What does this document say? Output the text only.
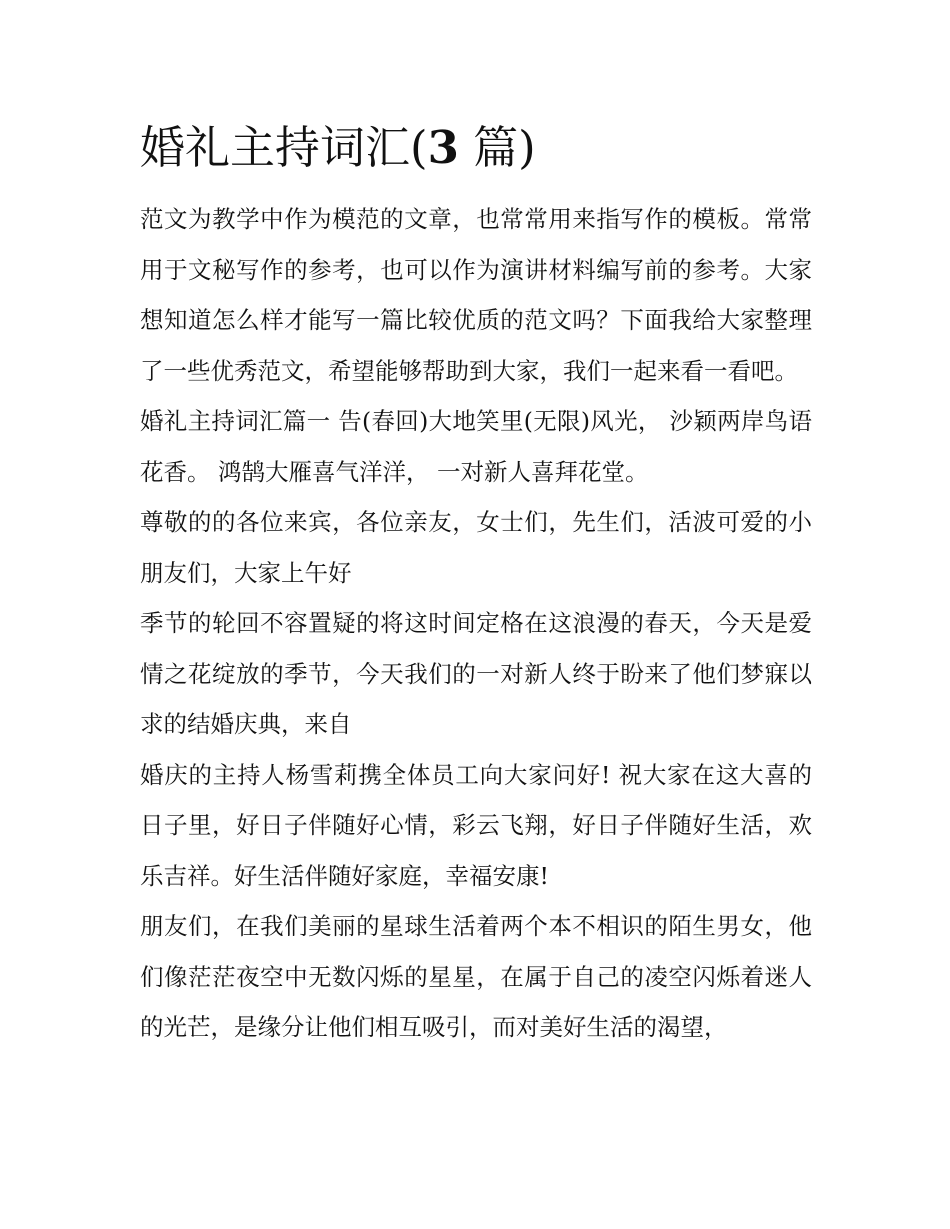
婚礼主持词汇(3 篇)

范文为教学中作为模范的文章，也常常用来指写作的模板。常常用于文秘写作的参考，也可以作为演讲材料编写前的参考。大家想知道怎么样才能写一篇比较优质的范文吗？下面我给大家整理了一些优秀范文，希望能够帮助到大家，我们一起来看一看吧。

婚礼主持词汇篇一 告(春回)大地笑里(无限)风光， 沙颖两岸鸟语花香。 鸿鹄大雁喜气洋洋， 一对新人喜拜花堂。

尊敬的的各位来宾，各位亲友，女士们，先生们，活波可爱的小朋友们，大家上午好

季节的轮回不容置疑的将这时间定格在这浪漫的春天，今天是爱情之花绽放的季节，今天我们的一对新人终于盼来了他们梦寐以求的结婚庆典，来自

婚庆的主持人杨雪莉携全体员工向大家问好! 祝大家在这大喜的日子里，好日子伴随好心情，彩云飞翔，好日子伴随好生活，欢乐吉祥。好生活伴随好家庭，幸福安康!

朋友们，在我们美丽的星球生活着两个本不相识的陌生男女，他们像茫茫夜空中无数闪烁的星星，在属于自己的凌空闪烁着迷人的光芒，是缘分让他们相互吸引，而对美好生活的渴望，
